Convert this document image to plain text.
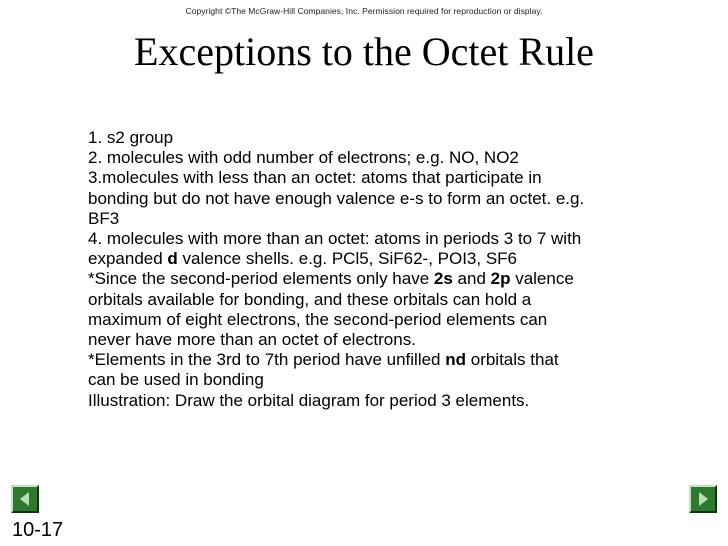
Copyright ©The McGraw-Hill Companies, Inc. Permission required for reproduction or display.
Exceptions to the Octet Rule
1. s2 group
2. molecules with odd number of electrons; e.g. NO, NO2
3.molecules with less than an octet: atoms that participate in
bonding but do not have enough valence e-s to form an octet. e.g.
BF3
4. molecules with more than an octet: atoms in periods 3 to 7 with
expanded d valence shells. e.g. PCl5, SiF62-, POI3, SF6
*Since the second-period elements only have 2s and 2p valence
orbitals available for bonding, and these orbitals can hold a
maximum of eight electrons, the second-period elements can
never have more than an octet of electrons.
*Elements in the 3rd to 7th period have unfilled nd orbitals that
can be used in bonding
Illustration: Draw the orbital diagram for period 3 elements.
10-17
